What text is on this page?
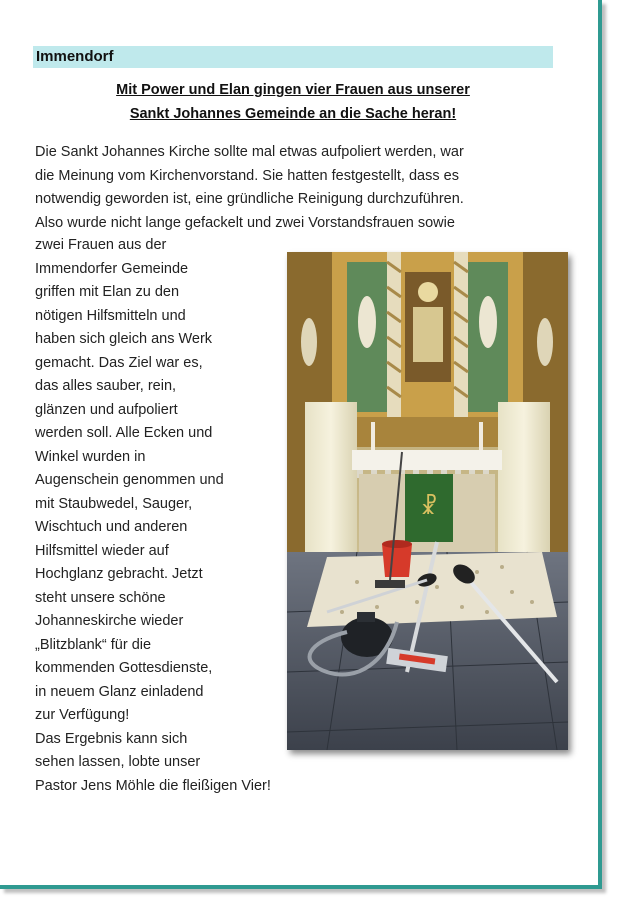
Immendorf
Mit Power und Elan gingen vier Frauen aus unserer
Sankt Johannes Gemeinde an die Sache heran!
Die Sankt Johannes Kirche sollte mal etwas aufpoliert werden, war
die Meinung vom Kirchenvorstand. Sie hatten festgestellt, dass es
notwendig geworden ist, eine gründliche Reinigung durchzuführen.
Also wurde nicht lange gefackelt und zwei Vorstandsfrauen sowie
zwei Frauen aus der
Immendorfer Gemeinde
griffen mit Elan zu den
nötigen Hilfsmitteln und
haben sich gleich ans Werk
gemacht. Das Ziel war es,
das alles sauber, rein,
glänzen und aufpoliert
werden soll. Alle Ecken und
Winkel wurden in
Augenschein genommen und
mit Staubwedel, Sauger,
Wischtuch und anderen
Hilfsmittel wieder auf
Hochglanz gebracht. Jetzt
steht unsere schöne
Johanneskirche wieder
„Blitzblank“ für die
kommenden Gottesdienste,
in neuem Glanz einladend
zur Verfügung!
Das Ergebnis kann sich
sehen lassen, lobte unser
Pastor Jens Möhle die fleißigen Vier!
☧
